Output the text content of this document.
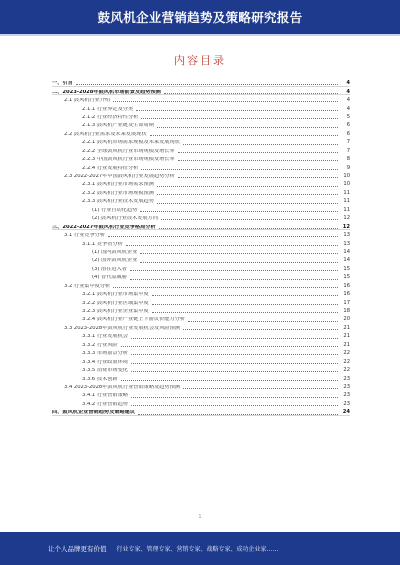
鼓风机企业营销趋势及策略研究报告
内容目录
一、引言	4
二、2023-2028年鼓风机市场前景及趋势预测	4
2.1 鼓风机行业介绍	4
2.1.1 行业界定及分类	4
2.1.2 行业经济特性分析	5
2.1.3 鼓风机产业链及生命周期	6
2.2 鼓风机行业需求及未来发展现状	6
2.2.1 鼓风机市场需求规模及未来发展现状	7
2.2.2 全球鼓风机行业市场规模及增长率	7
2.2.3 中国鼓风机行业市场规模及增长率	8
2.2.4 行业发展特征分析	9
2.3 2022-2027年中国鼓风机行业发展趋势分析	10
2.3.1 鼓风机行业市场需求预测	10
2.3.2 鼓风机行业市场规模预测	11
2.3.3 鼓风机行业技术发展趋势	11
(1) 行业自动化趋势	11
(2) 鼓风机行业技术发展方向	12
三、2022-2027年鼓风机行业竞争格局分析	12
3.1 行业竞争分析	13
3.1.1 竞争者分析	13
(1) 国内鼓风机企业	14
(2) 国外鼓风机企业	14
(3) 潜在进入者	15
(4) 替代品威胁	15
3.2 行业集中度分析	16
3.2.1 鼓风机行业市场集中度	16
3.2.2 鼓风机行业区域集中度	17
3.2.3 鼓风机行业企业集中度	18
3.2.4 鼓风机行业产业链上下游议价能力分析	20
3.3 2023-2028年鼓风机行业发展机会及风险预测	21
3.3.1 行业发展机会	21
3.3.2 行业风险	21
3.3.3 市场前景分析	22
3.3.4 行业政策环境	22
3.3.5 消费市场变化	22
3.3.6 技术创新	23
3.4 2023-2028年鼓风机行业营销策略及趋势预测	23
3.4.1 行业营销策略	23
3.4.2 行业营销趋势	23
四、鼓风机企业营销趋势及策略建议	24
1
让个人品牌更有价值 行业专家、管理专家、营销专家、战略专家、成功企业家……
